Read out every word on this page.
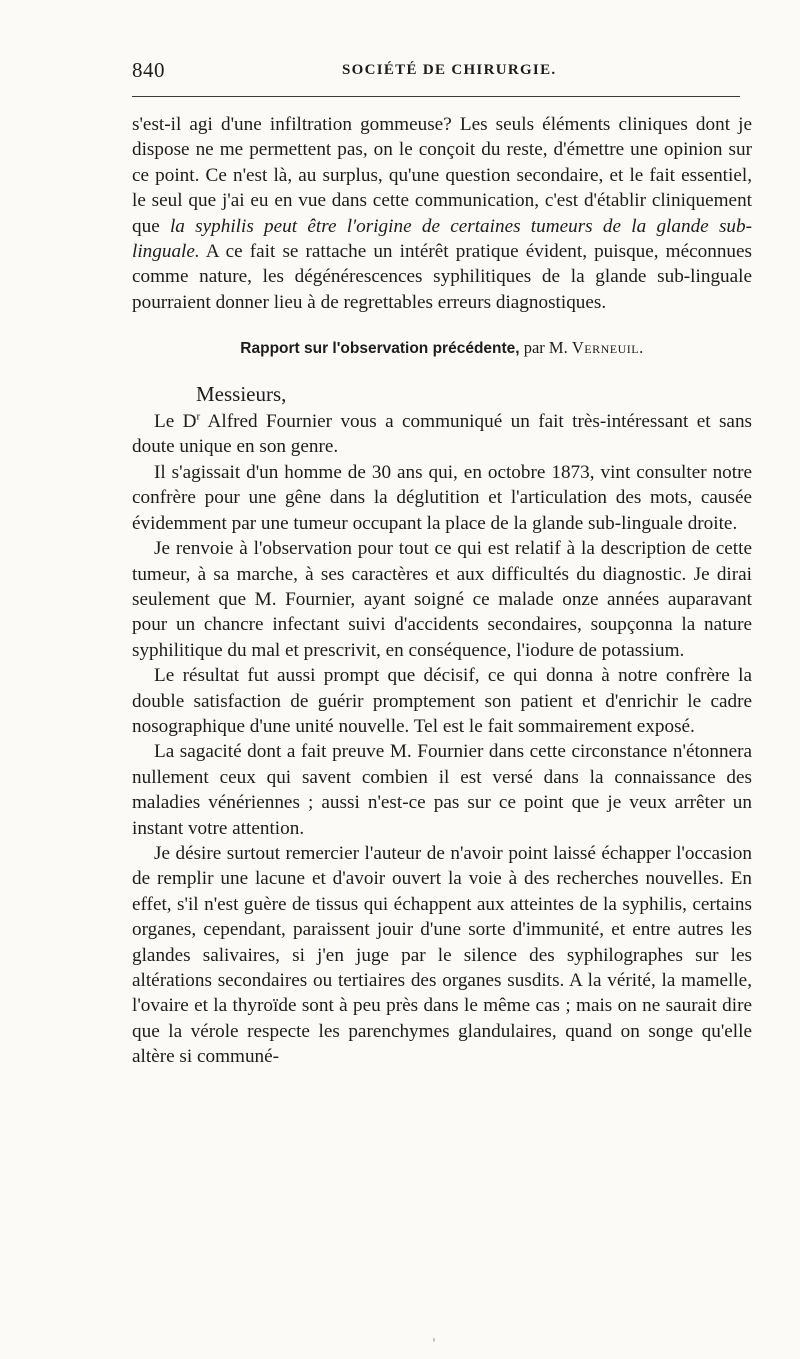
840	SOCIÉTÉ DE CHIRURGIE.

s'est-il agi d'une infiltration gommeuse? Les seuls éléments cliniques dont je dispose ne me permettent pas, on le conçoit du reste, d'émettre une opinion sur ce point. Ce n'est là, au surplus, qu'une question secondaire, et le fait essentiel, le seul que j'ai eu en vue dans cette communication, c'est d'établir cliniquement que la syphilis peut être l'origine de certaines tumeurs de la glande sub-linguale. A ce fait se rattache un intérêt pratique évident, puisque, méconnues comme nature, les dégénérescences syphilitiques de la glande sub-linguale pourraient donner lieu à de regrettables erreurs diagnostiques.

Rapport sur l'observation précédente, par M. Verneuil.

Messieurs,

Le $D^r$ Alfred Fournier vous a communiqué un fait très-intéressant et sans doute unique en son genre.

Il s'agissait d'un homme de 30 ans qui, en octobre 1873, vint consulter notre confrère pour une gêne dans la déglutition et l'articulation des mots, causée évidemment par une tumeur occupant la place de la glande sub-linguale droite.

Je renvoie à l'observation pour tout ce qui est relatif à la description de cette tumeur, à sa marche, à ses caractères et aux difficultés du diagnostic. Je dirai seulement que M. Fournier, ayant soigné ce malade onze années auparavant pour un chancre infectant suivi d'accidents secondaires, soupçonna la nature syphilitique du mal et prescrivit, en conséquence, l'iodure de potassium.

Le résultat fut aussi prompt que décisif, ce qui donna à notre confrère la double satisfaction de guérir promptement son patient et d'enrichir le cadre nosographique d'une unité nouvelle. Tel est le fait sommairement exposé.

La sagacité dont a fait preuve M. Fournier dans cette circonstance n'étonnera nullement ceux qui savent combien il est versé dans la connaissance des maladies vénériennes ; aussi n'est-ce pas sur ce point que je veux arrêter un instant votre attention.

Je désire surtout remercier l'auteur de n'avoir point laissé échapper l'occasion de remplir une lacune et d'avoir ouvert la voie à des recherches nouvelles. En effet, s'il n'est guère de tissus qui échappent aux atteintes de la syphilis, certains organes, cependant, paraissent jouir d'une sorte d'immunité, et entre autres les glandes salivaires, si j'en juge par le silence des syphilographes sur les altérations secondaires ou tertiaires des organes susdits. A la vérité, la mamelle, l'ovaire et la thyroïde sont à peu près dans le même cas ; mais on ne saurait dire que la vérole respecte les parenchymes glandulaires, quand on songe qu'elle altère si communé-

ˌ
